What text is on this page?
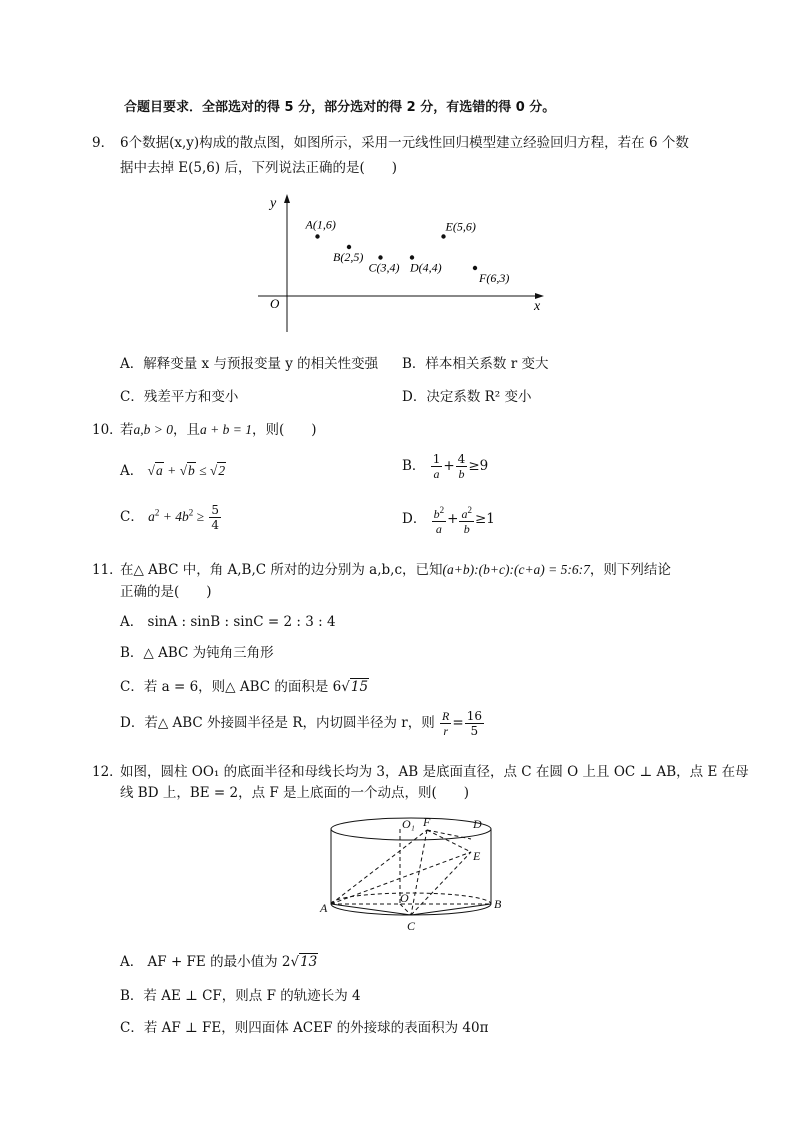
合题目要求．全部选对的得 5 分，部分选对的得 2 分，有选错的得 0 分。
9． 6个数据(x,y)构成的散点图，如图所示，采用一元线性回归模型建立经验回归方程，若在 6 个数
据中去掉 E(5,6) 后，下列说法正确的是(　　)
y
x
O
A(1,6)
B(2,5)
C(3,4) D(4,4)
E(5,6)
F(6,3)
A．解释变量 x 与预报变量 y 的相关性变强 B．样本相关系数 r 变大
C．残差平方和变小	D．决定系数 R² 变小
10．
若a,b > 0，且a + b = 1，则(　　)
A． √a + √b ≤ √2	B． $\frac{1}{a} + \frac{4}{b} \ge 9$
C． $a^2 + 4b^2 \ge \frac{5}{4}$	D． $\frac{b^2}{a} + \frac{a^2}{b} \ge 1$
11．
在△ ABC 中，角 A,B,C 所对的边分别为 a,b,c，已知(a+b):(b+c):(c+a) = 5:6:7，则下列结论
正确的是(　　)
A． sinA : sinB : sinC = 2 : 3 : 4
B．△ ABC 为钝角三角形
C．若 a = 6，则△ ABC 的面积是 6√15
D．若△ ABC 外接圆半径是 R，内切圆半径为 r，则 $\frac{R}{r} = \frac{16}{5}$
12．
如图，圆柱 OO₁ 的底面半径和母线长均为 3，AB 是底面直径，点 C 在圆 O 上且 OC ⊥ AB，点 E 在母
线 BD 上，BE = 2，点 F 是上底面的一个动点，则(　　)
O₁ F	D
E
O
A	B
C
A． AF + FE 的最小值为 2√13
B．若 AE ⊥ CF，则点 F 的轨迹长为 4
C．若 AF ⊥ FE，则四面体 ACEF 的外接球的表面积为 40π
